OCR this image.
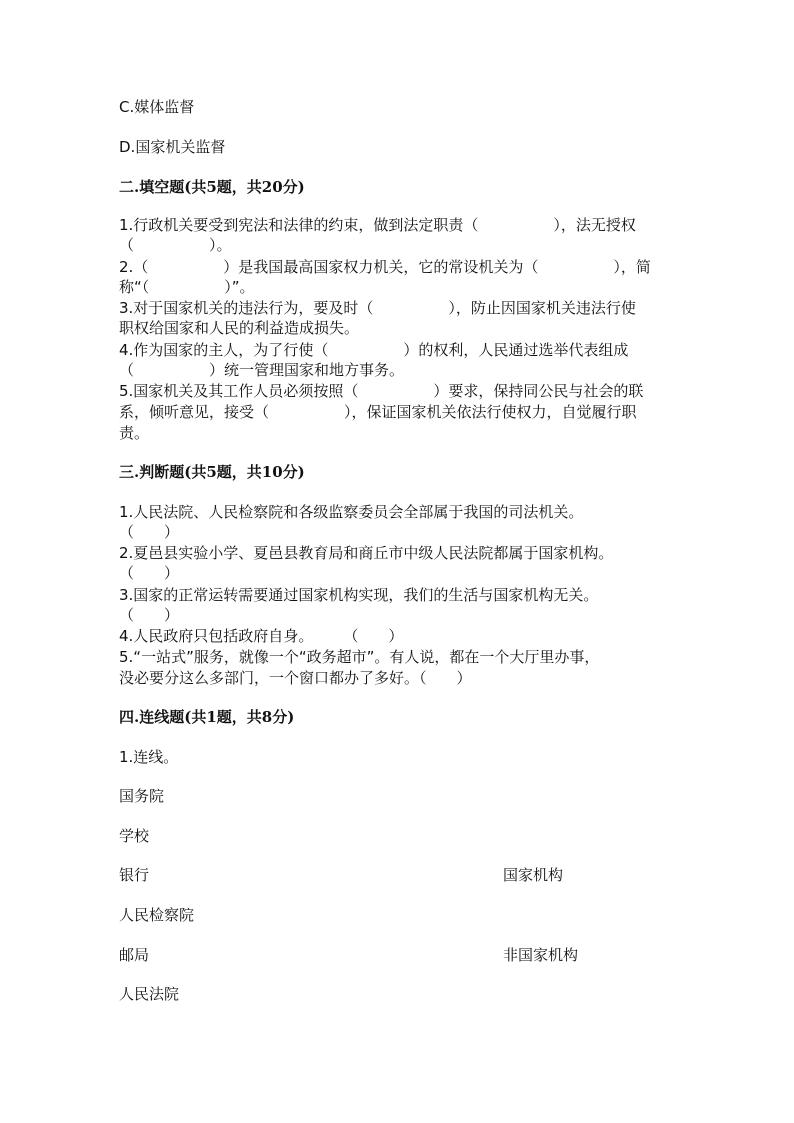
C.媒体监督
D.国家机关监督
二.填空题(共5题，共20分)
1.行政机关要受到宪法和法律的约束，做到法定职责（　　　　　），法无授权
（　　　　　）。
2.（　　　　　）是我国最高国家权力机关，它的常设机关为（　　　　　），简
称“（　　　　　）”。
3.对于国家机关的违法行为，要及时（　　　　　），防止因国家机关违法行使
职权给国家和人民的利益造成损失。
4.作为国家的主人，为了行使（　　　　　）的权利，人民通过选举代表组成
（　　　　　）统一管理国家和地方事务。
5.国家机关及其工作人员必须按照（　　　　　）要求，保持同公民与社会的联
系，倾听意见，接受（　　　　　），保证国家机关依法行使权力，自觉履行职
责。
三.判断题(共5题，共10分)
1.人民法院、人民检察院和各级监察委员会全部属于我国的司法机关。
（　　）
2.夏邑县实验小学、夏邑县教育局和商丘市中级人民法院都属于国家机构。
（　　）
3.国家的正常运转需要通过国家机构实现，我们的生活与国家机构无关。
（　　）
4.人民政府只包括政府自身。　　　（　　）
5.“一站式”服务，就像一个“政务超市”。有人说，都在一个大厅里办事，
没必要分这么多部门，一个窗口都办了多好。（　　）
四.连线题(共1题，共8分)
1.连线。
国务院
学校
银行	国家机构
人民检察院
邮局	非国家机构
人民法院
